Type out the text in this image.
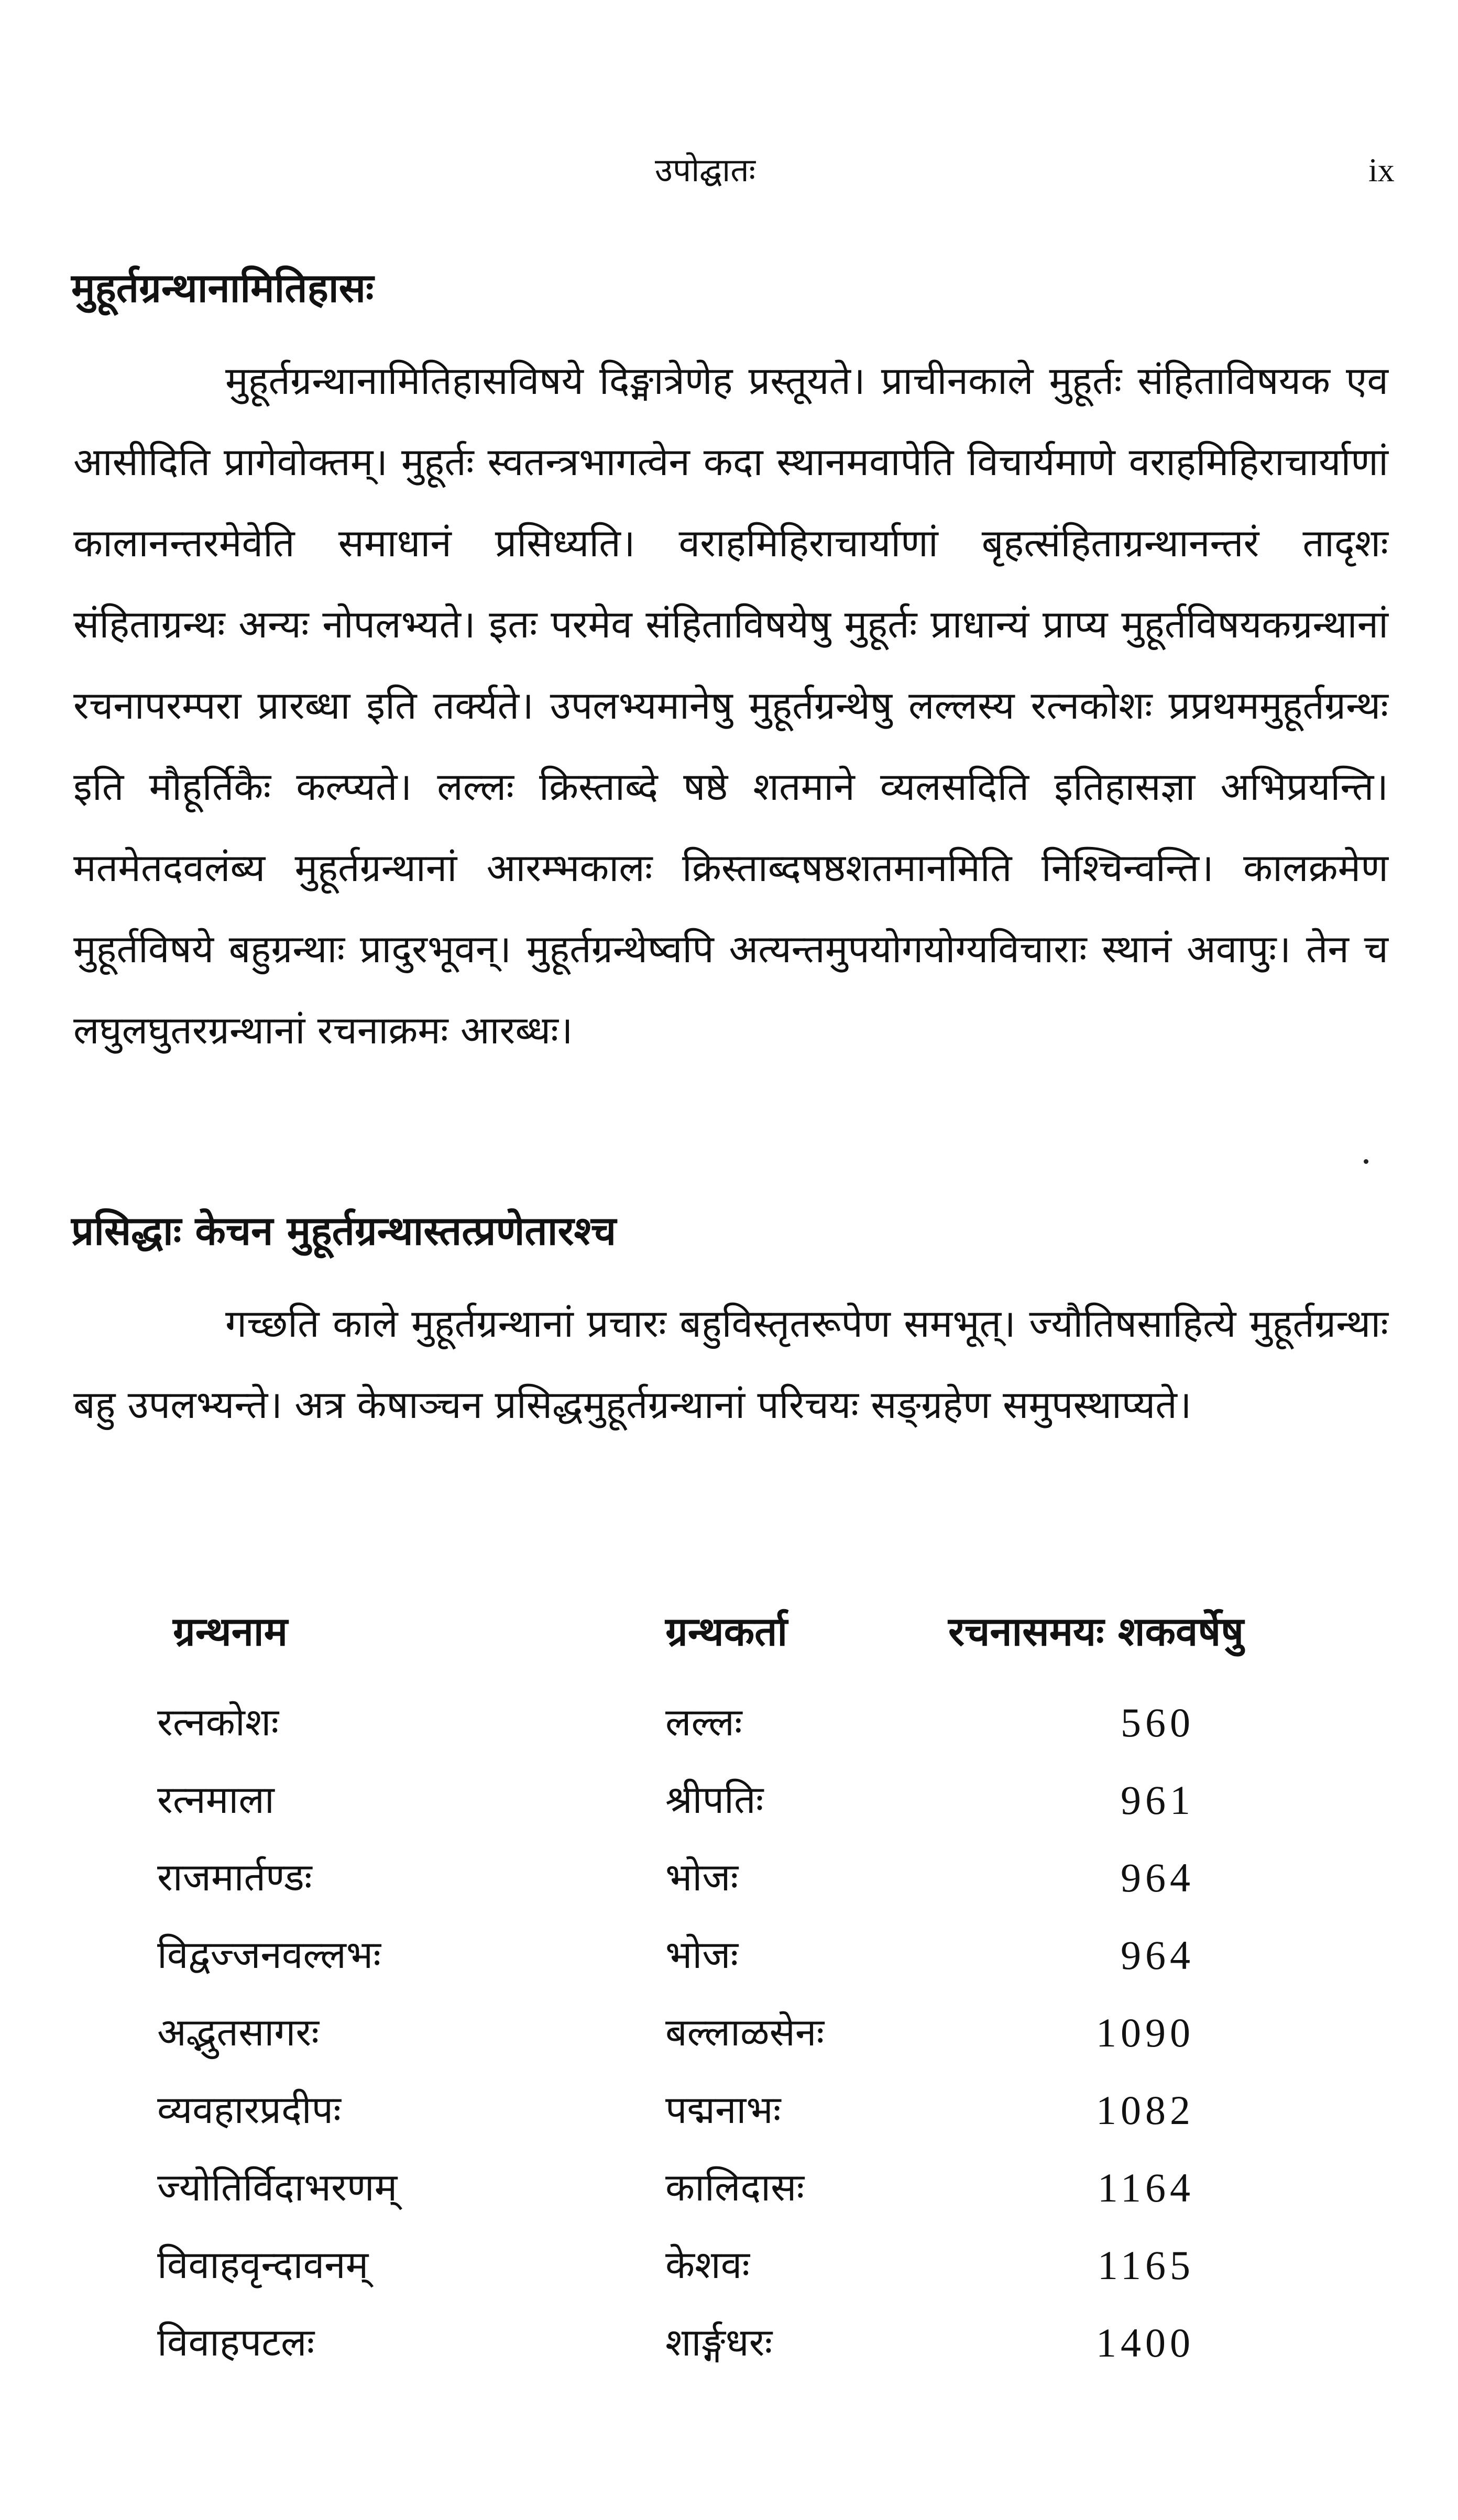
उपोद्घातः	ix
मुहूर्तग्रन्थानामितिहासः

मुहूर्तग्रन्थानामितिहासविषये दिङ्मात्रेणेह प्रस्तूयते। प्राचीनकाले मुहूर्तः संहिताविषयक एव आसीदिति प्रागेवोक्तम्। मुहूर्तः स्वतन्त्रभागत्वेन कदा स्थानमवापेति विचार्यमाणे वराहमिहिराचार्याणां कालानन्तरमेवेति समाधानं प्रसिध्यति। वराहमिहिराचार्याणां बृहत्संहिताग्रन्थानन्तरं तादृशः संहिताग्रन्थः अन्यः नोपलभ्यते। इतः परमेव संहिताविषयेषु मुहूर्तः प्राधान्यं प्राप्य मुहूर्तविषयकग्रन्थानां रचनापरम्परा प्रारब्धा इति तर्क्यते। उपलभ्यमानेषु मुहूर्तग्रन्थेषु लल्लस्य रत्नकोशः प्रप्रथममुहूर्तग्रन्थः इति मौहूर्तिकैः कल्प्यते। लल्लः क्रिस्ताब्दे षष्ठे शतमाने व्यलसदिति इतिहासज्ञा अभिप्रयन्ति। मतमेतदवलंब्य मुहूर्तग्रन्थानां आरम्भकालः क्रिस्ताब्दषष्ठशतमानमिति निश्चिन्वन्ति। कालक्रमेण मुहूर्तविषये बहुग्रन्थाः प्रादुरभूवन्। मुहूर्तग्रन्थेष्वपि अत्यन्तमुपयोगयोग्यविचाराः स्थानं अवापुः। तेन च लघुलघुतरग्रन्थानां रचनाक्रमः आरब्धः।

प्रसिद्धाः केचन मुहूर्तग्रन्थास्तत्प्रणेतारश्च

गच्छति काले मुहूर्तग्रन्थानां प्रचारः बहुविस्तृतरूपेण समभूत्। ज्यौतिषसाहित्ये मुहूर्तग्रन्थाः बहु उपलभ्यन्ते। अत्र केषाञ्चन प्रसिद्धमुहूर्तग्रन्थानां परिचयः सङ्ग्रहेण समुपस्थाप्यते।

ग्रन्थनाम	ग्रन्थकर्ता	रचनासमयः शकवर्षेषु
रत्नकोशः	लल्लः	560
रत्नमाला	श्रीपतिः	961
राजमार्तण्डः	भोजः	964
विद्वज्जनवल्लभः	भोजः	964
अद्भुतसागरः	बल्लाळसेनः	1090
व्यवहारप्रदीपः	पद्मनाभः	1082
ज्योतिर्विदाभरणम्	कालिदासः	1164
विवाहवृन्दावनम्	केशवः	1165
विवाहपटलः	शार्ङ्गधरः	1400
